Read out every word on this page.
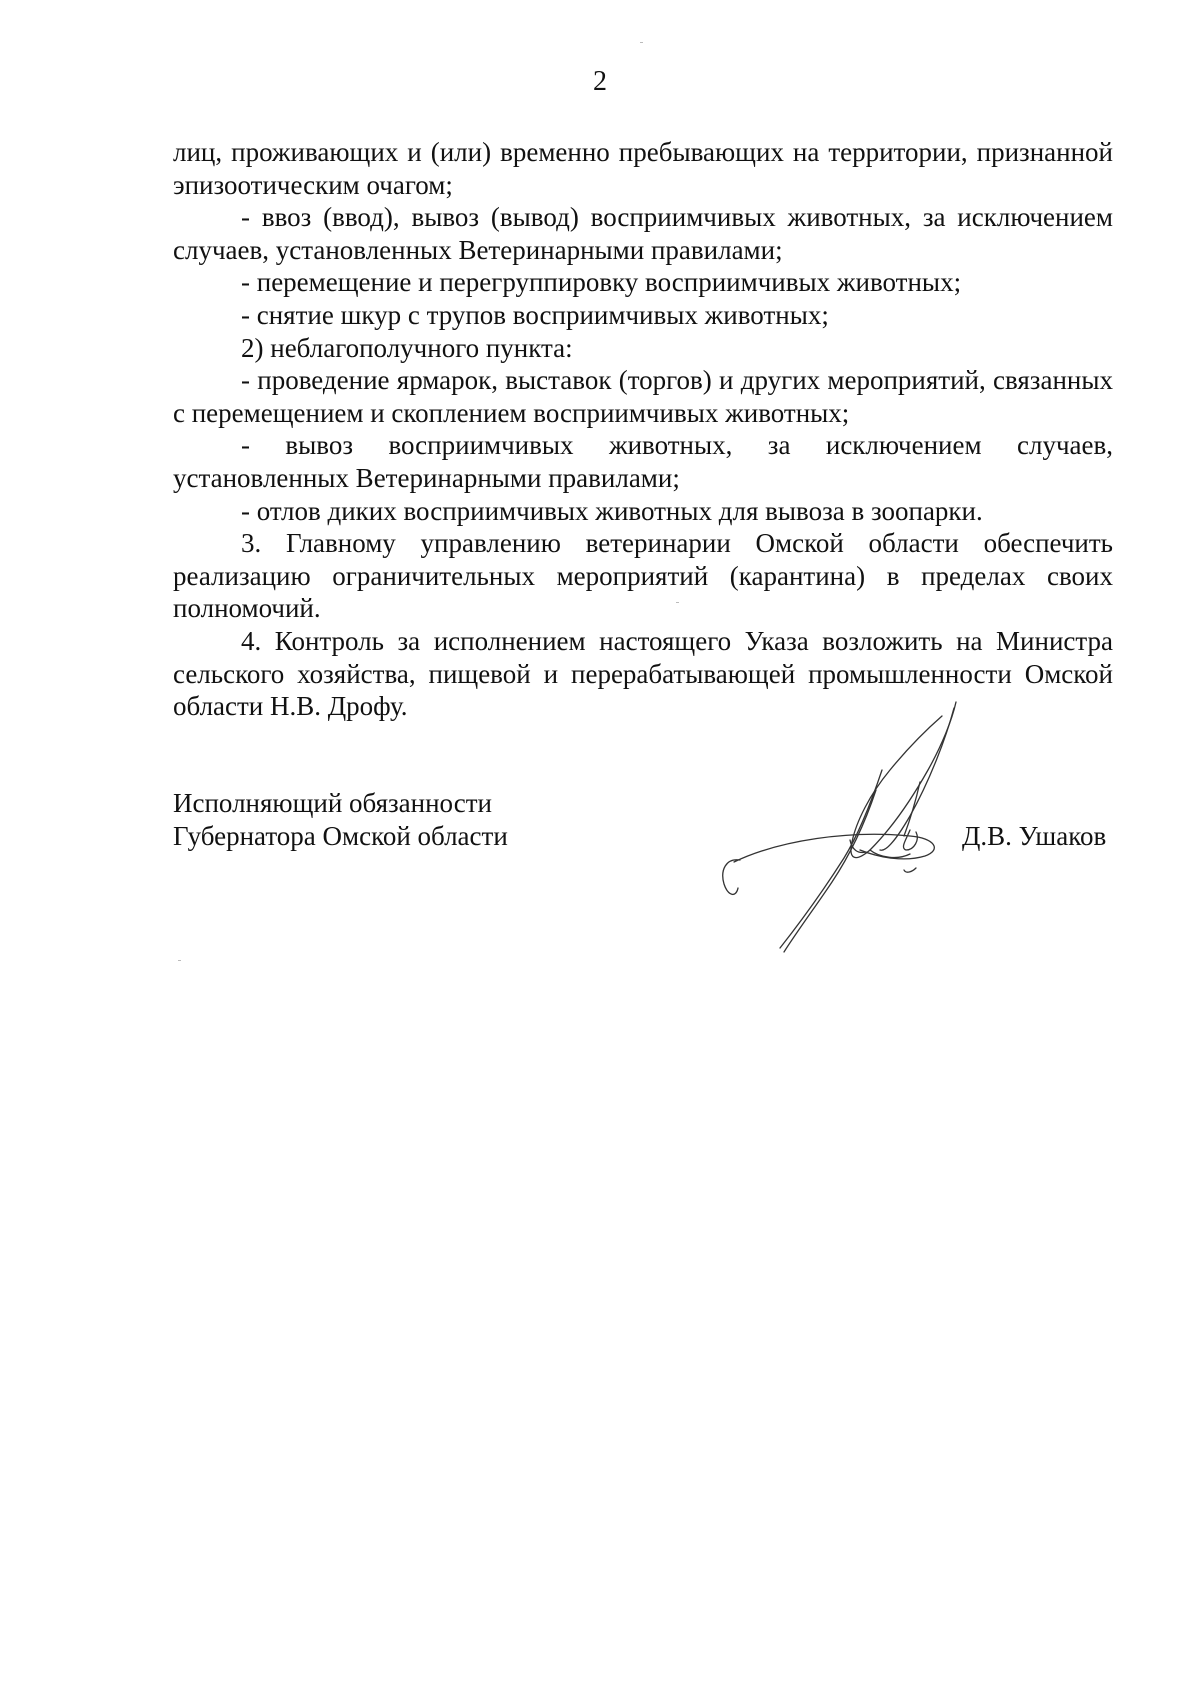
2

лиц, проживающих и (или) временно пребывающих на территории, признанной эпизоотическим очагом;

- ввоз (ввод), вывоз (вывод) восприимчивых животных, за исключением случаев, установленных Ветеринарными правилами;

- перемещение и перегруппировку восприимчивых животных;

- снятие шкур с трупов восприимчивых животных;

2) неблагополучного пункта:

- проведение ярмарок, выставок (торгов) и других мероприятий, связанных с перемещением и скоплением восприимчивых животных;

- вывоз восприимчивых животных, за исключением случаев, установленных Ветеринарными правилами;

- отлов диких восприимчивых животных для вывоза в зоопарки.

3. Главному управлению ветеринарии Омской области обеспечить реализацию ограничительных мероприятий (карантина) в пределах своих полномочий.

4. Контроль за исполнением настоящего Указа возложить на Министра сельского хозяйства, пищевой и перерабатывающей промышленности Омской области Н.В. Дрофу.

Исполняющий обязанности
Губернатора Омской области	Д.В. Ушаков
